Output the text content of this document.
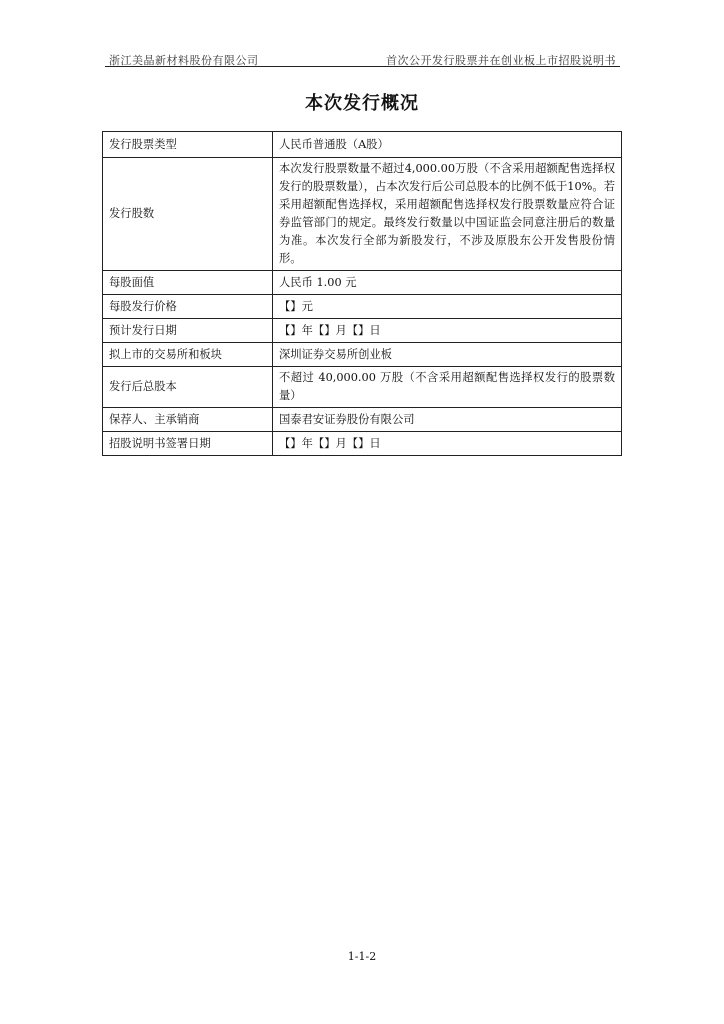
浙江美晶新材料股份有限公司	首次公开发行股票并在创业板上市招股说明书
本次发行概况
发行股票类型	人民币普通股（A股）
发行股数	本次发行股票数量不超过4,000.00万股（不含采用超额配售选择权发行的股票数量），占本次发行后公司总股本的比例不低于10%。若采用超额配售选择权，采用超额配售选择权发行股票数量应符合证券监管部门的规定。最终发行数量以中国证监会同意注册后的数量为准。本次发行全部为新股发行，不涉及原股东公开发售股份情形。
每股面值	人民币 1.00 元
每股发行价格	【】元
预计发行日期	【】年【】月【】日
拟上市的交易所和板块	深圳证券交易所创业板
发行后总股本	不超过 40,000.00 万股（不含采用超额配售选择权发行的股票数量）
保荐人、主承销商	国泰君安证券股份有限公司
招股说明书签署日期	【】年【】月【】日
1-1-2
